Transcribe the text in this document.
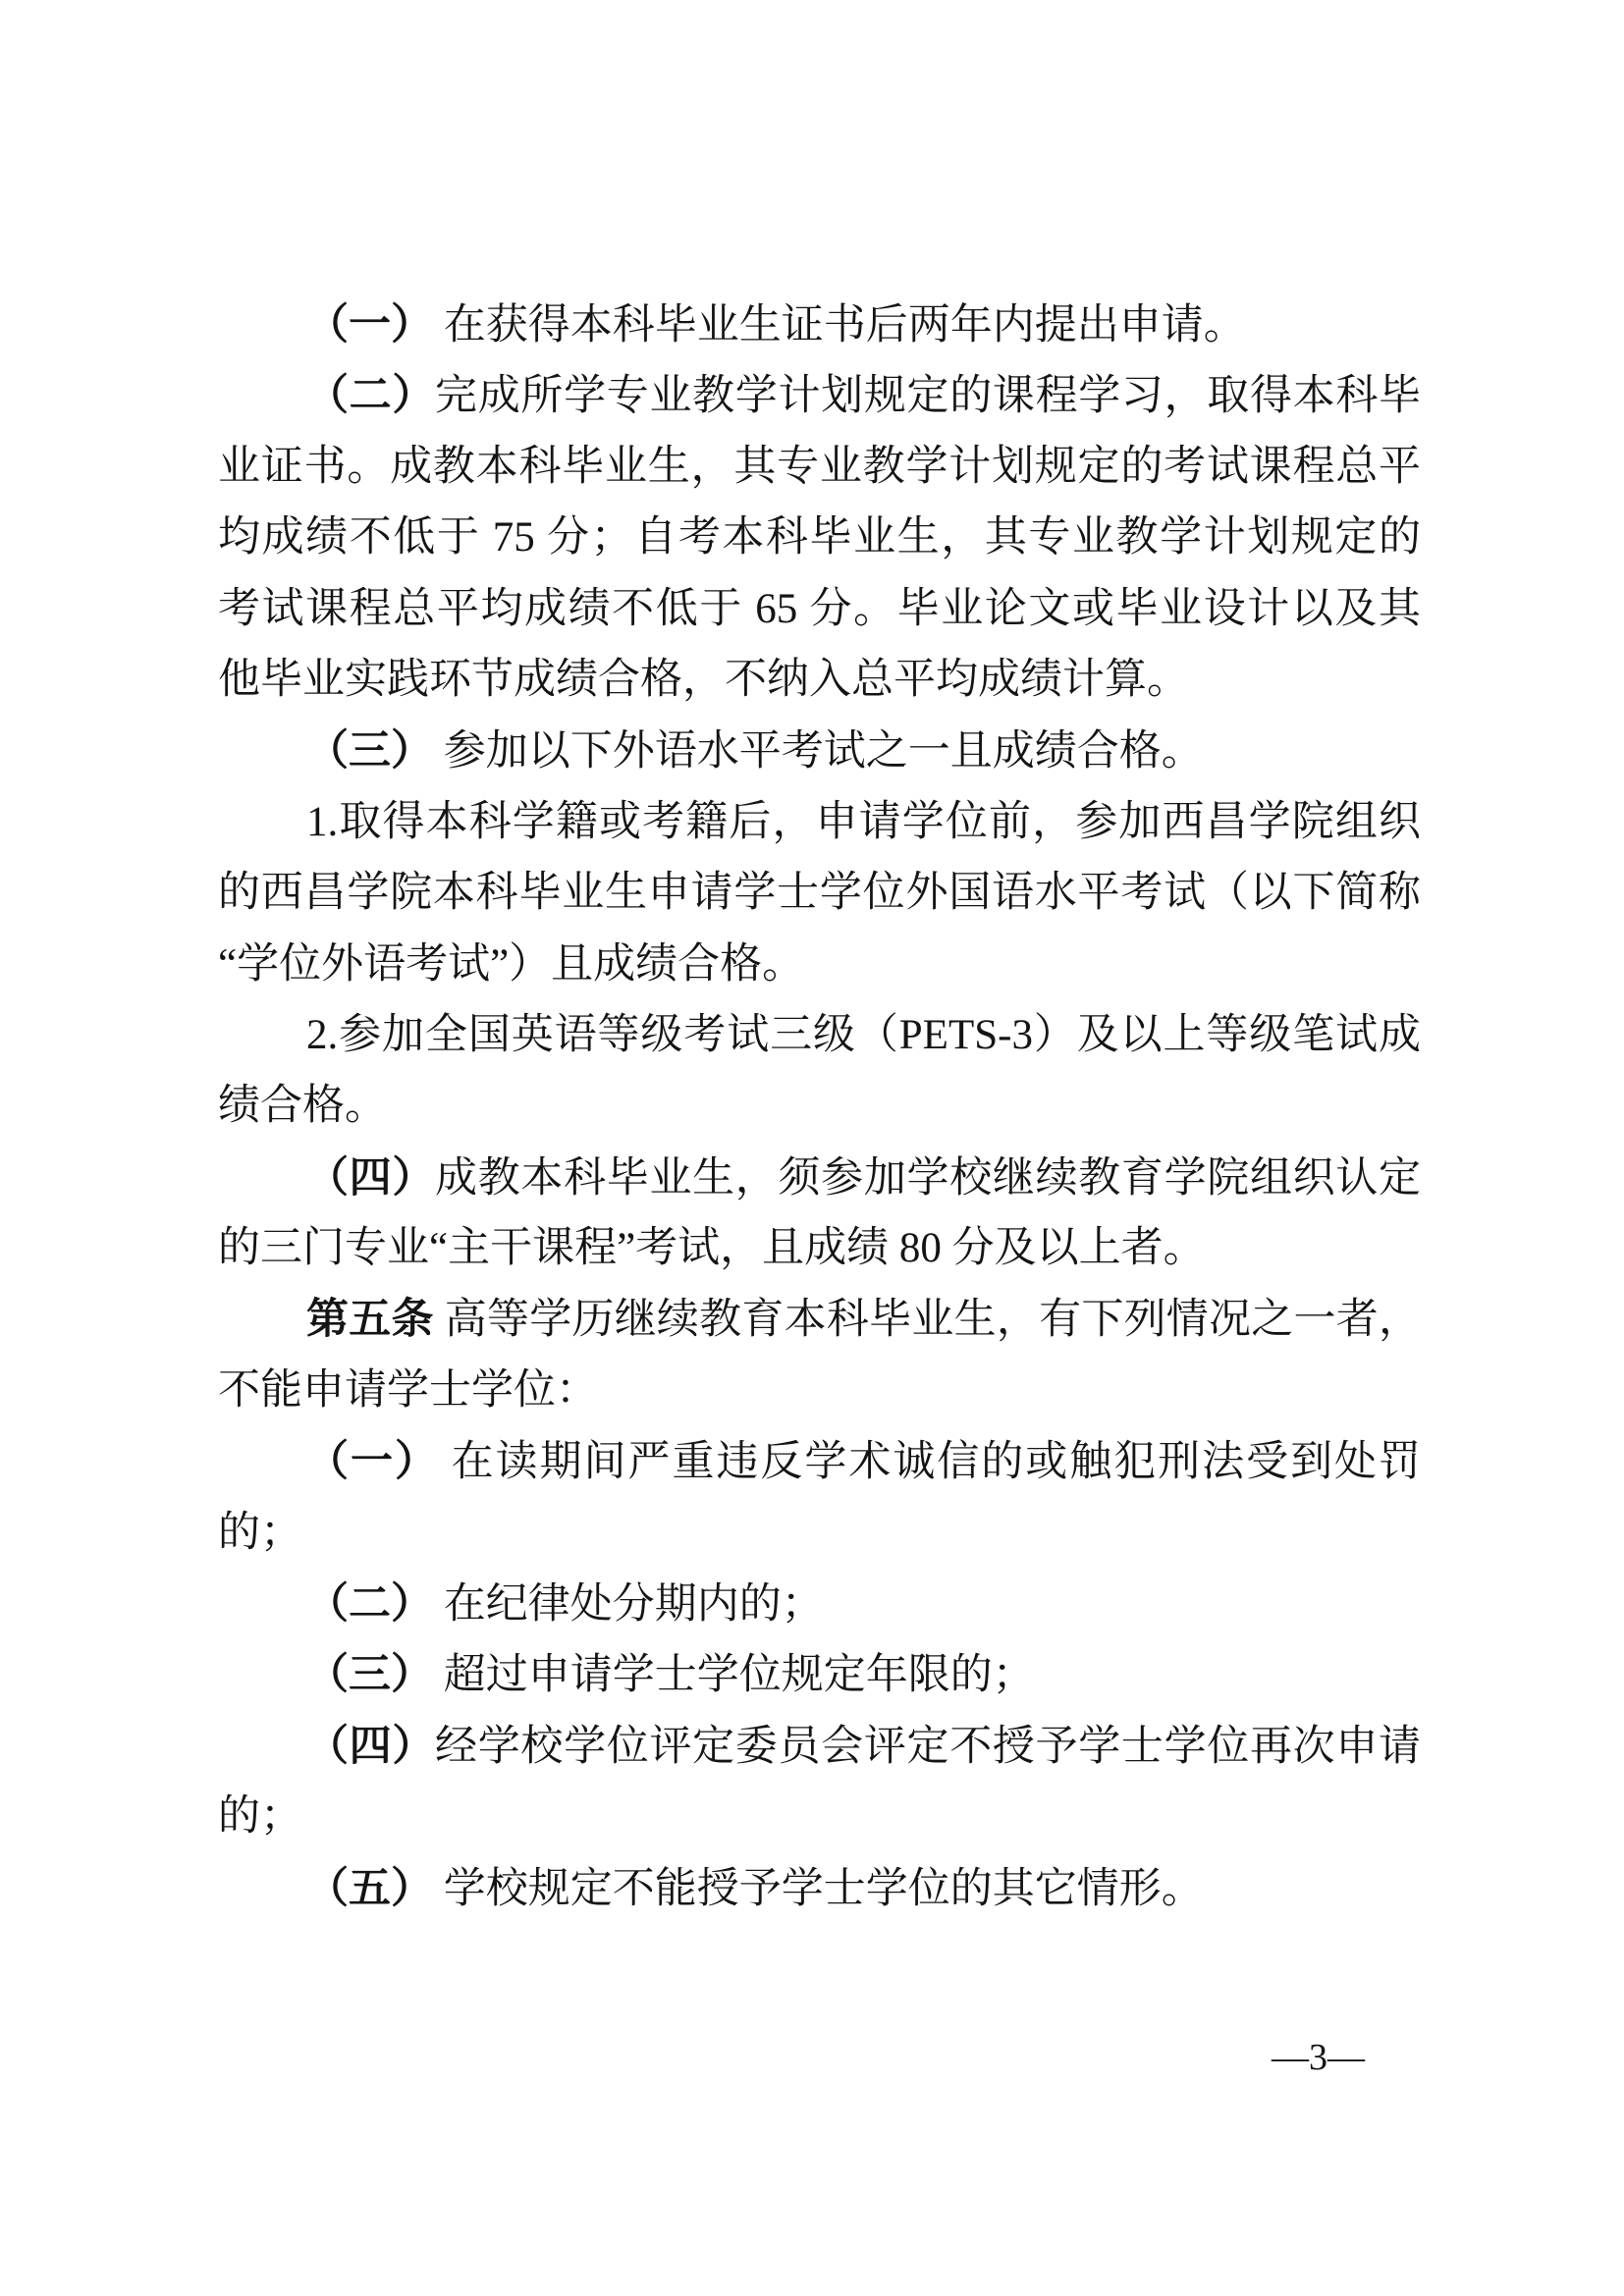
（一） 在获得本科毕业生证书后两年内提出申请。
（二）完成所学专业教学计划规定的课程学习，取得本科毕
业证书。成教本科毕业生，其专业教学计划规定的考试课程总平
均成绩不低于 75 分；自考本科毕业生，其专业教学计划规定的
考试课程总平均成绩不低于 65 分。毕业论文或毕业设计以及其
他毕业实践环节成绩合格，不纳入总平均成绩计算。
（三） 参加以下外语水平考试之一且成绩合格。
1.取得本科学籍或考籍后，申请学位前，参加西昌学院组织
的西昌学院本科毕业生申请学士学位外国语水平考试（以下简称
“学位外语考试”）且成绩合格。
2.参加全国英语等级考试三级（PETS-3）及以上等级笔试成
绩合格。
（四）成教本科毕业生，须参加学校继续教育学院组织认定
的三门专业“主干课程”考试，且成绩 80 分及以上者。
第五条 高等学历继续教育本科毕业生，有下列情况之一者，
不能申请学士学位：
（一） 在读期间严重违反学术诚信的或触犯刑法受到处罚
的；
（二） 在纪律处分期内的；
（三） 超过申请学士学位规定年限的；
（四）经学校学位评定委员会评定不授予学士学位再次申请
的；
（五） 学校规定不能授予学士学位的其它情形。
—3—
